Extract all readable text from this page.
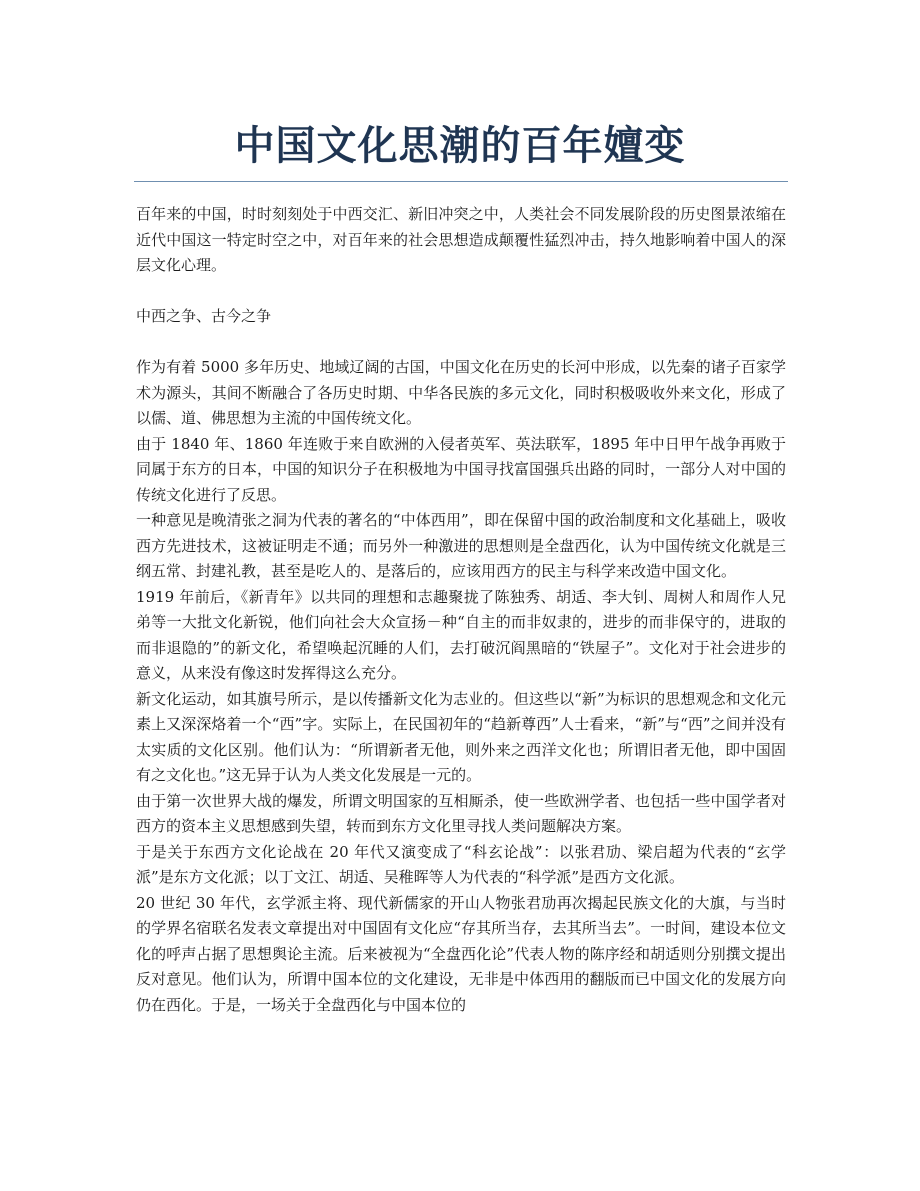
中国文化思潮的百年嬗变

百年来的中国，时时刻刻处于中西交汇、新旧冲突之中，人类社会不同发展阶段的历史图景浓缩在近代中国这一特定时空之中，对百年来的社会思想造成颠覆性猛烈冲击，持久地影响着中国人的深层文化心理。

中西之争、古今之争

作为有着 5000 多年历史、地域辽阔的古国，中国文化在历史的长河中形成，以先秦的诸子百家学术为源头，其间不断融合了各历史时期、中华各民族的多元文化，同时积极吸收外来文化，形成了以儒、道、佛思想为主流的中国传统文化。

由于 1840 年、1860 年连败于来自欧洲的入侵者英军、英法联军，1895 年中日甲午战争再败于同属于东方的日本，中国的知识分子在积极地为中国寻找富国强兵出路的同时，一部分人对中国的传统文化进行了反思。

一种意见是晚清张之洞为代表的著名的“中体西用”，即在保留中国的政治制度和文化基础上，吸收西方先进技术，这被证明走不通；而另外一种激进的思想则是全盘西化，认为中国传统文化就是三纲五常、封建礼教，甚至是吃人的、是落后的，应该用西方的民主与科学来改造中国文化。

1919 年前后，《新青年》以共同的理想和志趣聚拢了陈独秀、胡适、李大钊、周树人和周作人兄弟等一大批文化新锐，他们向社会大众宣扬－种“自主的而非奴隶的，进步的而非保守的，进取的而非退隐的”的新文化，希望唤起沉睡的人们，去打破沉阎黑暗的“铁屋子”。文化对于社会进步的意义，从来没有像这时发挥得这么充分。

新文化运动，如其旗号所示，是以传播新文化为志业的。但这些以“新”为标识的思想观念和文化元素上又深深烙着一个“西”字。实际上，在民国初年的“趋新尊西”人士看来，“新”与“西”之间并没有太实质的文化区别。他们认为：“所谓新者无他，则外来之西洋文化也；所谓旧者无他，即中国固有之文化也。”这无异于认为人类文化发展是一元的。

由于第一次世界大战的爆发，所谓文明国家的互相厮杀，使一些欧洲学者、也包括一些中国学者对西方的资本主义思想感到失望，转而到东方文化里寻找人类问题解决方案。

于是关于东西方文化论战在 20 年代又演变成了“科玄论战”：以张君劢、梁启超为代表的“玄学派”是东方文化派；以丁文江、胡适、吴稚晖等人为代表的“科学派”是西方文化派。

20 世纪 30 年代，玄学派主将、现代新儒家的开山人物张君劢再次揭起民族文化的大旗，与当时的学界名宿联名发表文章提出对中国固有文化应“存其所当存，去其所当去”。一时间，建设本位文化的呼声占据了思想舆论主流。后来被视为“全盘西化论”代表人物的陈序经和胡适则分别撰文提出反对意见。他们认为，所谓中国本位的文化建设，无非是中体西用的翻版而已中国文化的发展方向仍在西化。于是，一场关于全盘西化与中国本位的
